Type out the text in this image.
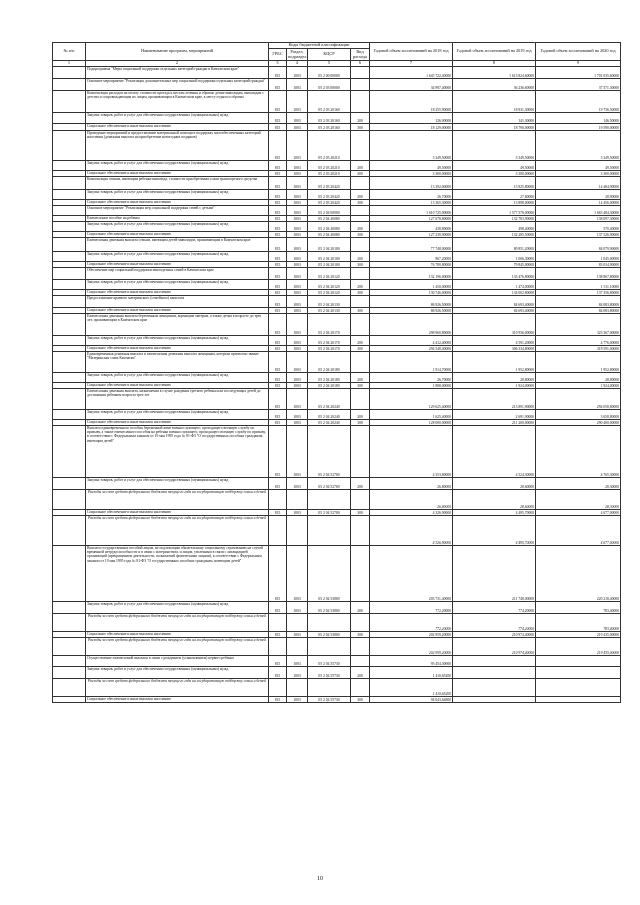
№ п/п	Наименование программ, мероприятий	Коды бюджетной классификации				Годовой объем ассигнований на 2018 год	Годовой объем ассигнований на 2019 год	Годовой объем ассигнований на 2020 год
		ГРБС	Раздел, подраздел	КЦСР	Вид расхода			
1	2	3	4	5	6	7	8	9
	Подпрограмма "Меры социальной поддержки отдельных категорий граждан в Камчатском крае"	815	1003	05 2 00 00000		1 645 722,40000	1 613 824,60000	1 701 035,60000
	Основное мероприятие "Реализация дополнительных мер социальной поддержки отдельных категорий граждан"	815	1003	05 2 03 00000		34 997,40000	36 236,60000	37 571,30000
	Компенсация расходов на оплату стоимости проезда к местам лечения и обратно детям-инвалидам, инвалидам с детства и сопровождающим их лицам, проживающим в Камчатском крае, к месту отдыха и обратно	815	1003	05 2 03 20160		18 255,90000	18 931,30000	19 736,50000
	Закупка товаров, работ и услуг для обеспечения государственных (муниципальных) нужд	815	1003	05 2 03 20160	200	126,90000	141,30000	146,50000
	Социальное обеспечение и иные выплаты населению	815	1003	05 2 03 20160	300	18 129,00000	18 790,00000	19 590,00000
	Проведение мероприятий и предоставление материальной помощи в поддержку малообеспеченных категорий населения (денежная выплата на приобретение новогодних подарков)	815	1003	05 2 03 20210		3 349,50000	3 349,50000	3 349,50000
	Закупка товаров, работ и услуг для обеспечения государственных (муниципальных) нужд	815	1003	05 2 03 20210	200	49,50000	49,50000	49,50000
	Социальное обеспечение и иные выплаты населению	815	1003	05 2 03 20210	300	3 300,00000	3 300,00000	3 300,00000
	Компенсация семьям, имеющим ребенка-инвалида, стоимости приобретенного ими транспортного средства	815	1003	05 2 03 20420		13 392,00000	13 925,80000	14 484,90000
	Закупка товаров, работ и услуг для обеспечения государственных (муниципальных) нужд	815	1003	05 2 03 20420	200	26,70000	27,80000	28,90000
	Социальное обеспечение и иные выплаты населению	815	1003	05 2 03 20420	300	13 365,30000	13 898,00000	14 456,00000
	Основное мероприятие "Реализация мер социальной поддержки семей с детьми"	815	1003	05 2 04 00000		1 610 725,00000	1 577 578,00000	1 663 484,30000
	Ежемесячное пособие на ребенка	815	1003	05 2 04 20080		127 678,80000	132 783,90000	138 097,30000
	Закупка товаров, работ и услуг для обеспечения государственных (муниципальных) нужд	815	1003	05 2 04 20080	200	438,80000	498,40000	570,40000
	Социальное обеспечение и иные выплаты населению	815	1003	05 2 04 20080	300	127 239,90000	132 285,50000	137 526,90000
	Ежемесячная денежная выплата семьям, имеющим детей-инвалидов, проживающим в Камчатском крае	815	1003	05 2 04 20100		77 748,00000	80 851,20000	84 079,90000
	Закупка товаров, работ и услуг для обеспечения государственных (муниципальных) нужд	815	1003	05 2 04 20100	200	967,20000	1 006,30000	1 045,00000
	Социальное обеспечение и иные выплаты населению	815	1003	05 2 04 20100	300	76 780,80000	79 845,90000	83 034,90000
	Обеспечение мер социальной поддержки многодетных семей в Камчатском крае	815	1003	05 2 04 20120		132 196,00000	135 476,80000	138 867,80000
	Закупка товаров, работ и услуг для обеспечения государственных (муниципальных) нужд	815	1003	05 2 04 20120	200	1 450,00000	1 474,00000	1 511,10000
	Социальное обеспечение и иные выплаты населению	815	1003	05 2 04 20120	300	130 746,00000	134 002,80000	137 356,80000
	Предоставление краевого материнского (семейного) капитала	815	1003	05 2 04 20130		86 926,50000	84 693,40000	84 083,80000
	Социальное обеспечение и иные выплаты населению	815	1003	05 2 04 20130	300	86 926,50000	84 693,40000	84 083,80000
	Ежемесячная денежная выплата беременным женщинам, кормящим матерям, а также детям в возрасте до трех лет, проживающим в Камчатском крае	815	1003	05 2 04 20170		298 960,80000	310 936,00000	323 367,00000
	Закупка товаров, работ и услуг для обеспечения государственных (муниципальных) нужд	815	1003	05 2 04 20170	200	4 412,40000	4 591,20000	4 776,00000
	Социальное обеспечение и иные выплаты населению	815	1003	05 2 04 20170	300	294 548,40000	306 334,80000	318 591,00000
	Единовременная денежная выплата и ежемесячная денежная выплата женщинам, которым присвоено звание "Материнская слава Камчатки"	815	1003	05 2 04 20180		1 914,70000	1 952,80000	1 952,80000
	Закупка товаров, работ и услуг для обеспечения государственных (муниципальных) нужд	815	1003	05 2 04 20180	200	26,70000	28,80000	28,80000
	Социальное обеспечение и иные выплаты населению	815	1003	05 2 04 20180	300	1 888,00000	1 924,00000	1 924,00000
	Ежемесячная денежная выплата, назначаемая в случае рождения третьего ребенка или последующих детей до достижения ребенком возраста трех лет	815	1003	05 2 04 20240		129 625,40000	213 891,90000	294 058,80000
	Закупка товаров, работ и услуг для обеспечения государственных (муниципальных) нужд	815	1003	05 2 04 20240	200	1 625,40000	2 691,90000	3 658,80000
	Социальное обеспечение и иные выплаты населению	815	1003	05 2 04 20240	300	128 000,00000	211 200,00000	290 400,00000
	Выплата единовременного пособия беременной жене военнослужащего, проходящего военную службу по призыву, а также ежемесячного пособия на ребенка военнослужащего, проходящего военную службу по призыву, в соответствии с Федеральным законом от 19 мая 1995 года № 81-ФЗ "О государственных пособиях гражданам, имеющим детей"	815	1003	05 2 04 52700		4 353,80000	4 524,30000	4 765,30000
	Закупка товаров, работ и услуг для обеспечения государственных (муниципальных) нужд	815	1003	05 2 04 52700	200	26,80000	28,60000	28,30000
	Расходы за счет средств федерального бюджета текущего года на государственную поддержку семьи и детей					26,80000	28,60000	28,30000
	Социальное обеспечение и иные выплаты населению	815	1003	05 2 04 52700	300	4 326,90000	4 495,70000	4 677,00000
	Расходы за счет средств федерального бюджета текущего года на государственную поддержку семьи и детей					4 326,90000	4 495,70000	4 677,00000
	Выплата государственных пособий лицам, не подлежащим обязательному социальному страхованию на случай временной нетрудоспособности и в связи с материнством, и лицам, уволенным в связи с ликвидацией организаций (прекращением деятельности, полномочий физическими лицами), в соответствии с Федеральным законом от 19 мая 1995 года № 81-ФЗ "О государственных пособиях гражданам, имеющим детей"	815	1003	05 2 04 53800		203 731,40000	211 748,00000	220 218,40000
	Закупка товаров, работ и услуг для обеспечения государственных (муниципальных) нужд	815	1003	05 2 04 53800	200	772,20000	774,20000	783,40000
	Расходы за счет средств федерального бюджета текущего года на государственную поддержку семьи и детей					772,20000	774,20000	783,40000
	Социальное обеспечение и иные выплаты населению	815	1003	05 2 04 53800	300	202 959,20000	210 974,40000	219 435,00000
	Расходы за счет средств федерального бюджета текущего года на государственную поддержку семьи и детей					202 959,20000	210 974,40000	219 435,00000
	Осуществление ежемесячной выплаты в связи с рождением (усыновлением) первого ребенка	815	1003	05 2 04 55730		95 454,30000		
	Закупка товаров, работ и услуг для обеспечения государственных (муниципальных) нужд	815	1003	05 2 04 55730	200	1 410,65200		
	Расходы за счет средств федерального бюджета текущего года на государственную поддержку семьи и детей					1 410,65200		
	Социальное обеспечение и иные выплаты населению	815	1003	05 2 04 55730	300	94 043,64800		
10
